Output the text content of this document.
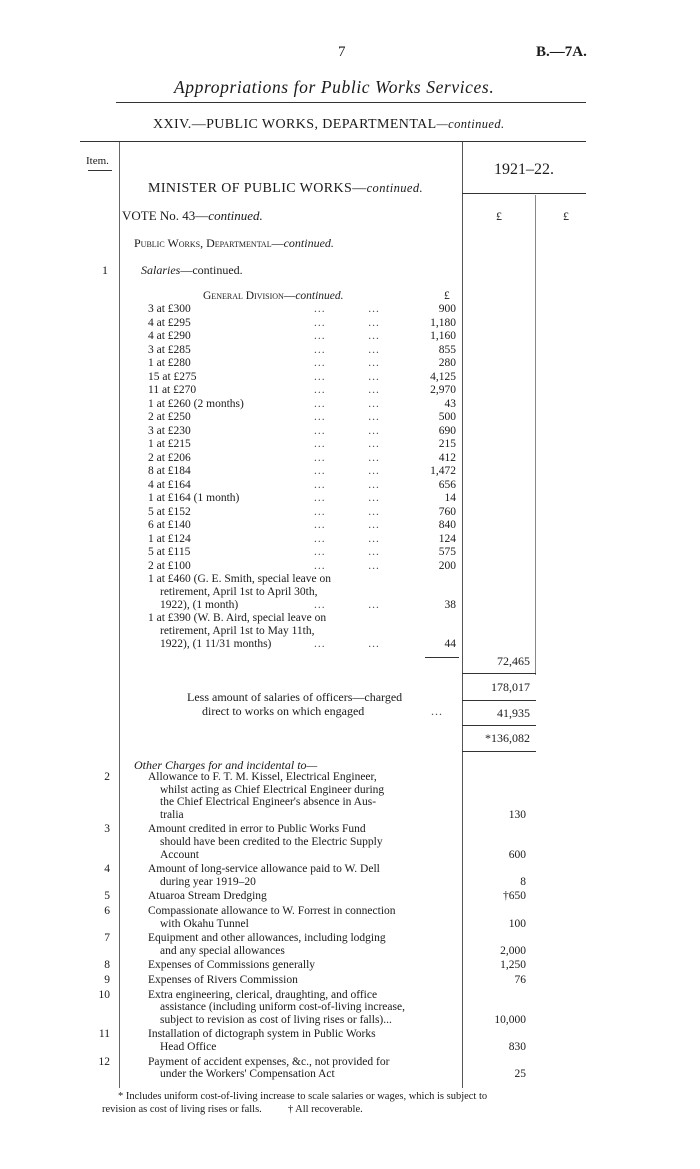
7	B.—7A.
Appropriations for Public Works Services.
XXIV.—PUBLIC WORKS, DEPARTMENTAL—continued.
Item.	1921–22.
MINISTER OF PUBLIC WORKS—continued.
VOTE No. 43—continued.	£	£
Public Works, Departmental—continued.
1	Salaries—continued.
General Division—continued.	£
3 at £300	...           ...	900
4 at £295	...           ...	1,180
4 at £290	...           ...	1,160
3 at £285	...           ...	855
1 at £280	...           ...	280
15 at £275	...           ...	4,125
11 at £270	...           ...	2,970
1 at £260 (2 months)	...           ...	43
2 at £250	...           ...	500
3 at £230	...           ...	690
1 at £215	...           ...	215
2 at £206	...           ...	412
8 at £184	...           ...	1,472
4 at £164	...           ...	656
1 at £164 (1 month)	...           ...	14
5 at £152	...           ...	760
6 at £140	...           ...	840
1 at £124	...           ...	124
5 at £115	...           ...	575
2 at £100	...           ...	200
1 at £460 (G. E. Smith, special leave on
retirement, April 1st to April 30th,
1922), (1 month)	...           ...	38
1 at £390 (W. B. Aird, special leave on
retirement, April 1st to May 11th,
1922), (1 11/31 months)	...           ...	44
72,465
178,017
Less amount of salaries of officers—charged
direct to works on which engaged	...	41,935
*136,082
Other Charges for and incidental to—
2	Allowance to F. T. M. Kissel, Electrical Engineer,
whilst acting as Chief Electrical Engineer during
the Chief Electrical Engineer's absence in Aus-
tralia	130
3	Amount credited in error to Public Works Fund
should have been credited to the Electric Supply
Account	600
4	Amount of long-service allowance paid to W. Dell
during year 1919–20	8
5	Atuaroa Stream Dredging	†650
6	Compassionate allowance to W. Forrest in connection
with Okahu Tunnel	100
7	Equipment and other allowances, including lodging
and any special allowances	2,000
8	Expenses of Commissions generally	1,250
9	Expenses of Rivers Commission	76
10	Extra engineering, clerical, draughting, and office
assistance (including uniform cost-of-living increase,
subject to revision as cost of living rises or falls)...	10,000
11	Installation of dictograph system in Public Works
Head Office	830
12	Payment of accident expenses, &c., not provided for
under the Workers' Compensation Act	25
* Includes uniform cost-of-living increase to scale salaries or wages, which is subject to
revision as cost of living rises or falls. † All recoverable.
